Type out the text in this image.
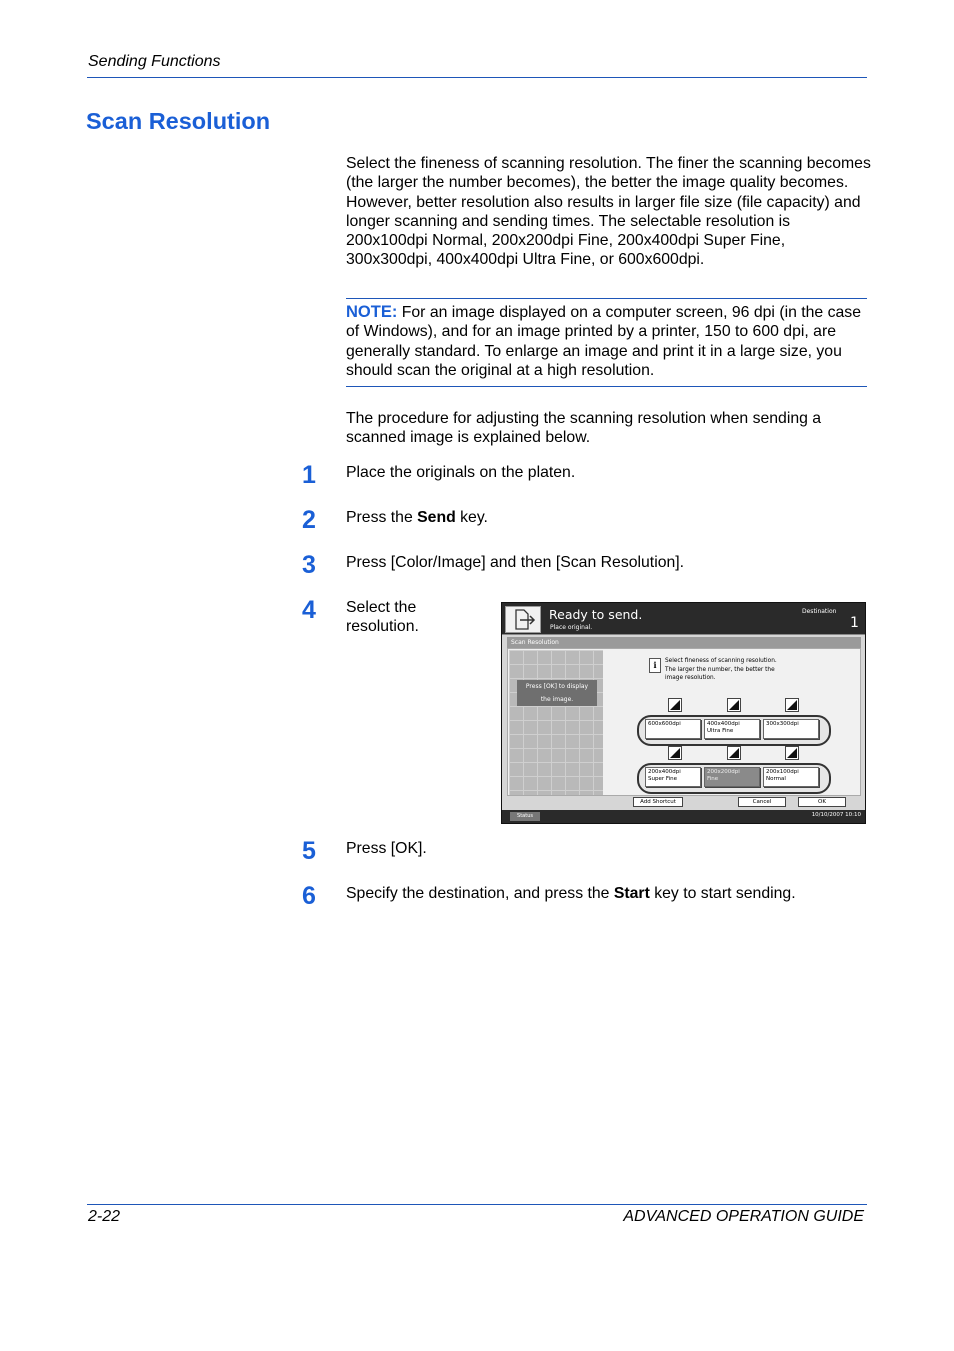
Sending Functions
Scan Resolution
Select the fineness of scanning resolution. The finer the scanning becomes (the larger the number becomes), the better the image quality becomes. However, better resolution also results in larger file size (file capacity) and longer scanning and sending times. The selectable resolution is 200x100dpi Normal, 200x200dpi Fine, 200x400dpi Super Fine, 300x300dpi, 400x400dpi Ultra Fine, or 600x600dpi.
NOTE: For an image displayed on a computer screen, 96 dpi (in the case of Windows), and for an image printed by a printer, 150 to 600 dpi, are generally standard. To enlarge an image and print it in a large size, you should scan the original at a high resolution.
The procedure for adjusting the scanning resolution when sending a scanned image is explained below.
1 Place the originals on the platen.
2 Press the Send key.
3 Press [Color/Image] and then [Scan Resolution].
4 Select the
resolution.
Ready to send.
Place original.
Destination
1
Scan Resolution
Press [OK] to display
the image.
i	Select fineness of scanning resolution.
The larger the number, the better the
image resolution.
600x600dpi	400x400dpi
Ultra Fine
300x300dpi
200x400dpi
Super Fine
200x200dpi
Fine
200x100dpi
Normal
Add Shortcut	Cancel	OK
Status	10/10/2007 10:10
5 Press [OK].
6 Specify the destination, and press the Start key to start sending.
2-22	ADVANCED OPERATION GUIDE
